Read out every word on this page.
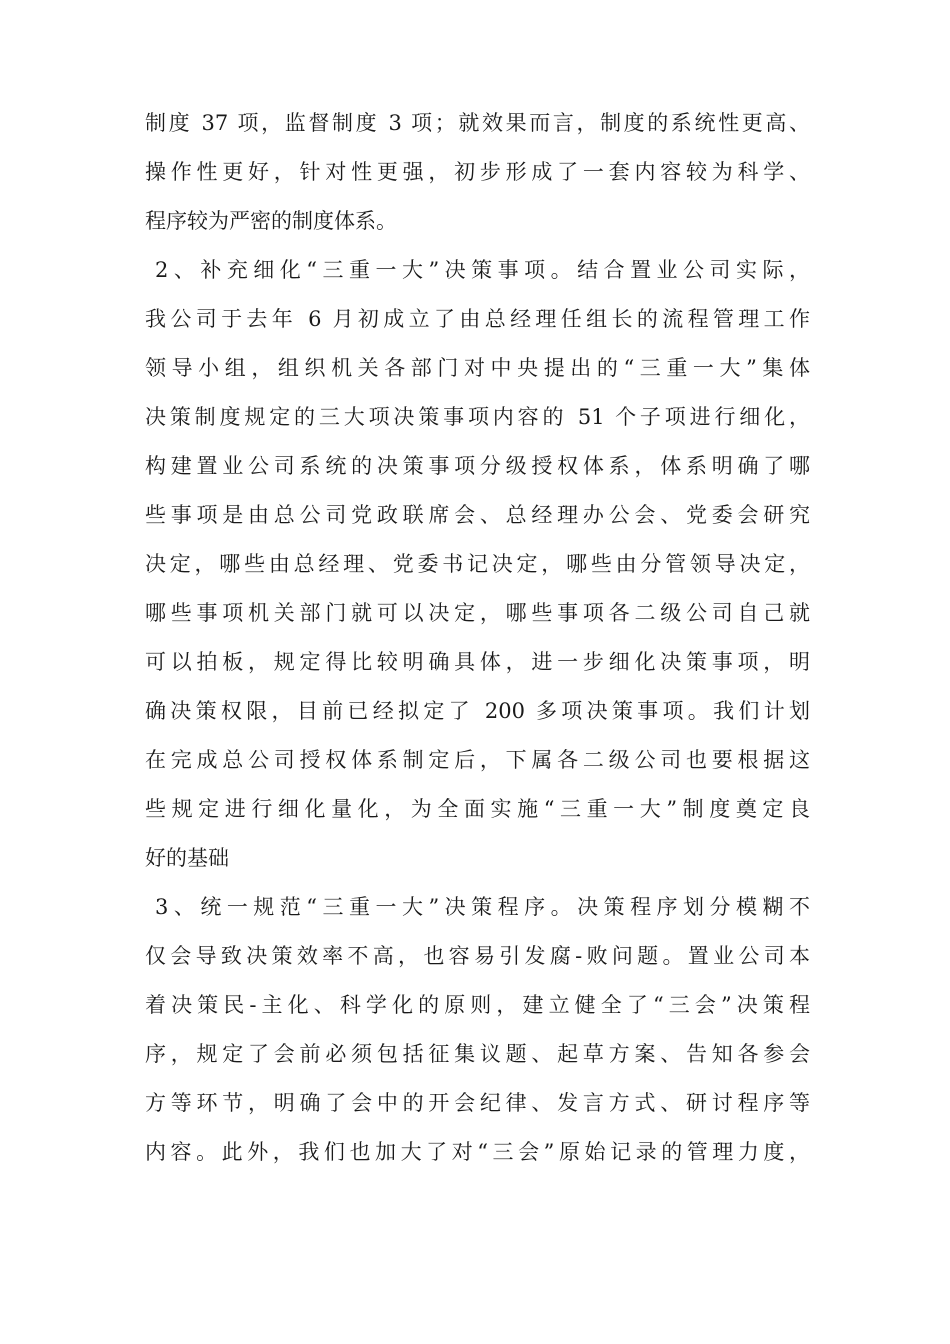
制度 37 项，监督制度 3 项；就效果而言，制度的系统性更高、
操作性更好，针对性更强，初步形成了一套内容较为科学、
程序较为严密的制度体系。
2、补充细化“三重一大”决策事项。结合置业公司实际，
我公司于去年 6 月初成立了由总经理任组长的流程管理工作
领导小组，组织机关各部门对中央提出的“三重一大”集体
决策制度规定的三大项决策事项内容的 51 个子项进行细化，
构建置业公司系统的决策事项分级授权体系，体系明确了哪
些事项是由总公司党政联席会、总经理办公会、党委会研究
决定，哪些由总经理、党委书记决定，哪些由分管领导决定，
哪些事项机关部门就可以决定，哪些事项各二级公司自己就
可以拍板，规定得比较明确具体，进一步细化决策事项，明
确决策权限，目前已经拟定了 200 多项决策事项。我们计划
在完成总公司授权体系制定后，下属各二级公司也要根据这
些规定进行细化量化，为全面实施“三重一大”制度奠定良
好的基础
3、统一规范“三重一大”决策程序。决策程序划分模糊不
仅会导致决策效率不高，也容易引发腐-败问题。置业公司本
着决策民-主化、科学化的原则，建立健全了“三会”决策程
序，规定了会前必须包括征集议题、起草方案、告知各参会
方等环节，明确了会中的开会纪律、发言方式、研讨程序等
内容。此外，我们也加大了对“三会”原始记录的管理力度，
